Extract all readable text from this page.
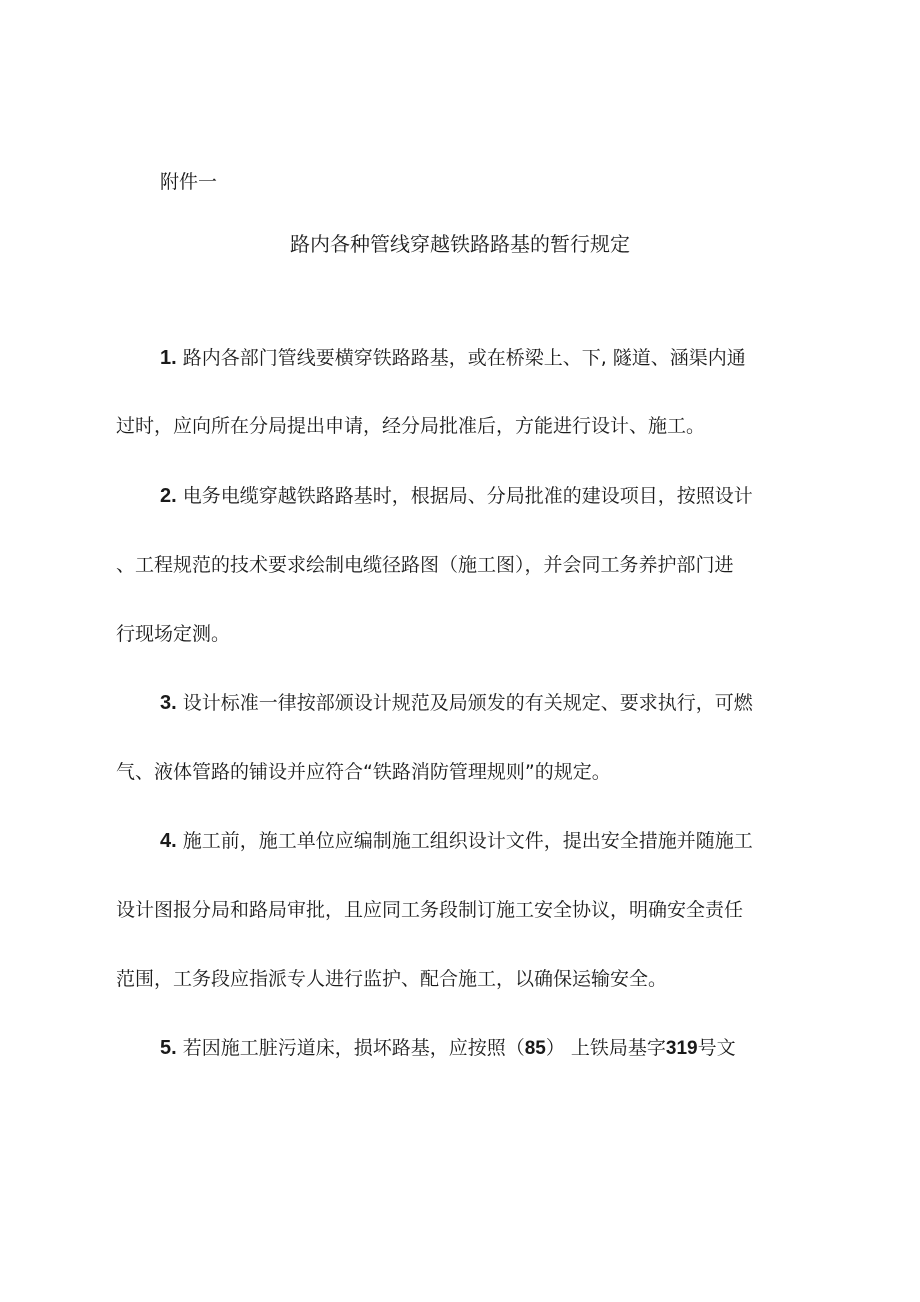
附件一
路内各种管线穿越铁路路基的暂行规定
1. 路内各部门管线要横穿铁路路基，或在桥梁上、下, 隧道、涵渠内通
过时，应向所在分局提出申请，经分局批准后，方能进行设计、施工。
2. 电务电缆穿越铁路路基时，根据局、分局批准的建设项目，按照设计
、工程规范的技术要求绘制电缆径路图（施工图），并会同工务养护部门进
行现场定测。
3. 设计标准一律按部颁设计规范及局颁发的有关规定、要求执行，可燃
气、液体管路的铺设并应符合“铁路消防管理规则”的规定。
4. 施工前，施工单位应编制施工组织设计文件，提出安全措施并随施工
设计图报分局和路局审批，且应同工务段制订施工安全协议，明确安全责任
范围，工务段应指派专人进行监护、配合施工，以确保运输安全。
5. 若因施工脏污道床，损坏路基，应按照（85） 上铁局基字319号文
